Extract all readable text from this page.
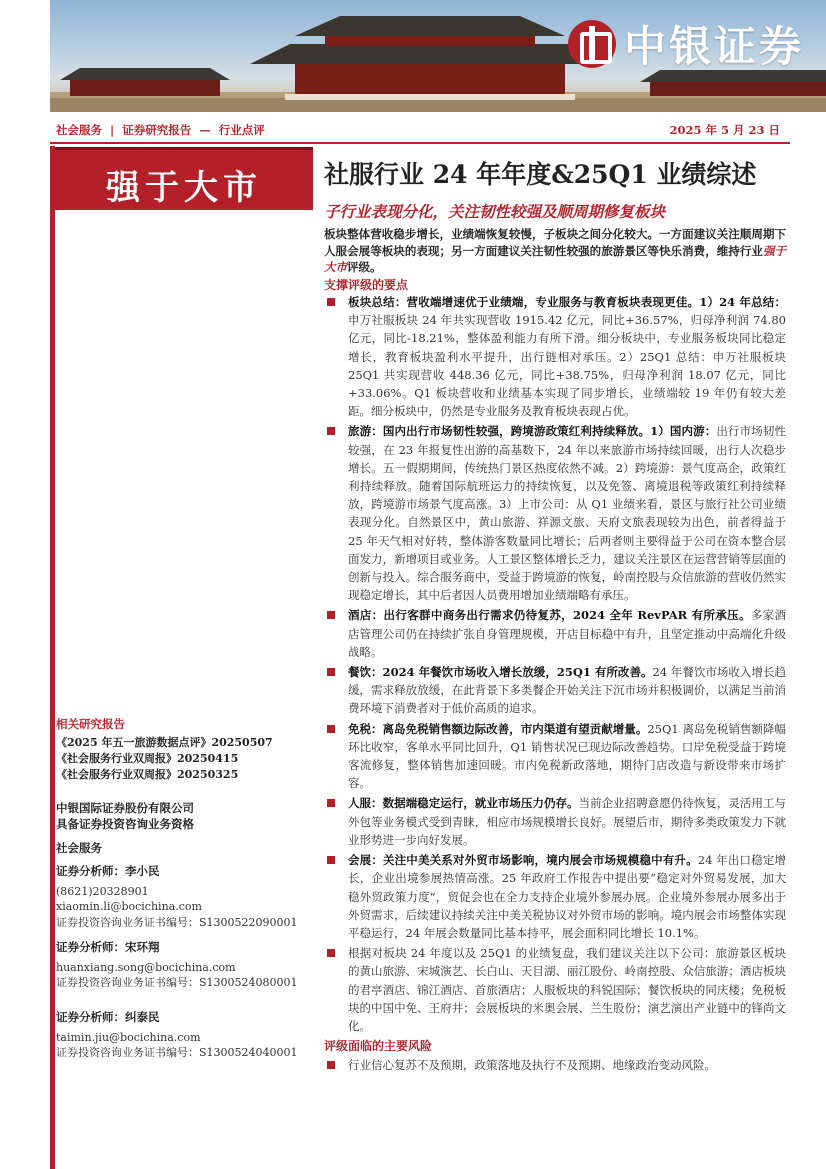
中银证券
社会服务 | 证券研究报告 — 行业点评	2025 年 5 月 23 日
强于大市	社服行业 24 年年度&25Q1 业绩综述
子行业表现分化，关注韧性较强及顺周期修复板块
板块整体营收稳步增长，业绩端恢复较慢，子板块之间分化较大。一方面建议关注顺周期下人服会展等板块的表现；另一方面建议关注韧性较强的旅游景区等快乐消费，维持行业强于大市评级。
支撑评级的要点
板块总结：营收端增速优于业绩端，专业服务与教育板块表现更佳。1）24 年总结：申万社服板块 24 年共实现营收 1915.42 亿元，同比+36.57%，归母净利润 74.80 亿元，同比-18.21%，整体盈利能力有所下滑。细分板块中，专业服务板块同比稳定增长，教育板块盈利水平提升，出行链相对承压。2）25Q1 总结：申万社服板块 25Q1 共实现营收 448.36 亿元，同比+38.75%，归母净利润 18.07 亿元，同比+33.06%。Q1 板块营收和业绩基本实现了同步增长，业绩端较 19 年仍有较大差距。细分板块中，仍然是专业服务及教育板块表现占优。
旅游：国内出行市场韧性较强，跨境游政策红利持续释放。1）国内游：出行市场韧性较强，在 23 年报复性出游的高基数下，24 年以来旅游市场持续回暖，出行人次稳步增长。五一假期期间，传统热门景区热度依然不减。2）跨境游：景气度高企，政策红利持续释放。随着国际航班运力的持续恢复，以及免签、离境退税等政策红利持续释放，跨境游市场景气度高涨。3）上市公司：从 Q1 业绩来看，景区与旅行社公司业绩表现分化。自然景区中，黄山旅游、祥源文旅、天府文旅表现较为出色，前者得益于 25 年天气相对好转，整体游客数量同比增长；后两者则主要得益于公司在资本整合层面发力，新增项目或业务。人工景区整体增长乏力，建议关注景区在运营营销等层面的创新与投入。综合服务商中，受益于跨境游的恢复，岭南控股与众信旅游的营收仍然实现稳定增长，其中后者因人员费用增加业绩端略有承压。
酒店：出行客群中商务出行需求仍待复苏，2024 全年 RevPAR 有所承压。多家酒店管理公司仍在持续扩张自身管理规模，开店目标稳中有升，且坚定推动中高端化升级战略。
餐饮：2024 年餐饮市场收入增长放缓，25Q1 有所改善。24 年餐饮市场收入增长趋缓，需求释放放缓，在此背景下多类餐企开始关注下沉市场并积极调价，以满足当前消费环境下消费者对于低价高质的追求。
免税：离岛免税销售额边际改善，市内渠道有望贡献增量。25Q1 离岛免税销售额降幅环比收窄，客单水平同比回升，Q1 销售状况已现边际改善趋势。口岸免税受益于跨境客流修复，整体销售加速回暖。市内免税新政落地，期待门店改造与新设带来市场扩容。
人服：数据端稳定运行，就业市场压力仍存。当前企业招聘意愿仍待恢复，灵活用工与外包等业务模式受到青睐，相应市场规模增长良好。展望后市，期待多类政策发力下就业形势进一步向好发展。
会展：关注中美关系对外贸市场影响，境内展会市场规模稳中有升。24 年出口稳定增长，企业出境参展热情高涨。25 年政府工作报告中提出要“稳定对外贸易发展，加大稳外贸政策力度”，贸促会也在全力支持企业境外参展办展。企业境外参展办展多出于外贸需求，后续建议持续关注中美关税协议对外贸市场的影响。境内展会市场整体实现平稳运行，24 年展会数量同比基本持平，展会面积同比增长 10.1%。
根据对板块 24 年度以及 25Q1 的业绩复盘，我们建议关注以下公司：旅游景区板块的黄山旅游、宋城演艺、长白山、天目湖、丽江股份、岭南控股、众信旅游；酒店板块的君亭酒店、锦江酒店、首旅酒店；人服板块的科锐国际；餐饮板块的同庆楼；免税板块的中国中免、王府井；会展板块的米奥会展、兰生股份；演艺演出产业链中的锋尚文化。
评级面临的主要风险
行业信心复苏不及预期，政策落地及执行不及预期、地缘政治变动风险。
相关研究报告
《2025 年五一旅游数据点评》20250507
《社会服务行业双周报》20250415
《社会服务行业双周报》20250325
中银国际证券股份有限公司
具备证券投资咨询业务资格
社会服务
证券分析师：李小民
(8621)20328901
xiaomin.li@bocichina.com
证券投资咨询业务证书编号：S1300522090001
证券分析师：宋环翔
huanxiang.song@bocichina.com
证券投资咨询业务证书编号：S1300524080001
证券分析师：纠泰民
taimin.jiu@bocichina.com
证券投资咨询业务证书编号：S1300524040001
